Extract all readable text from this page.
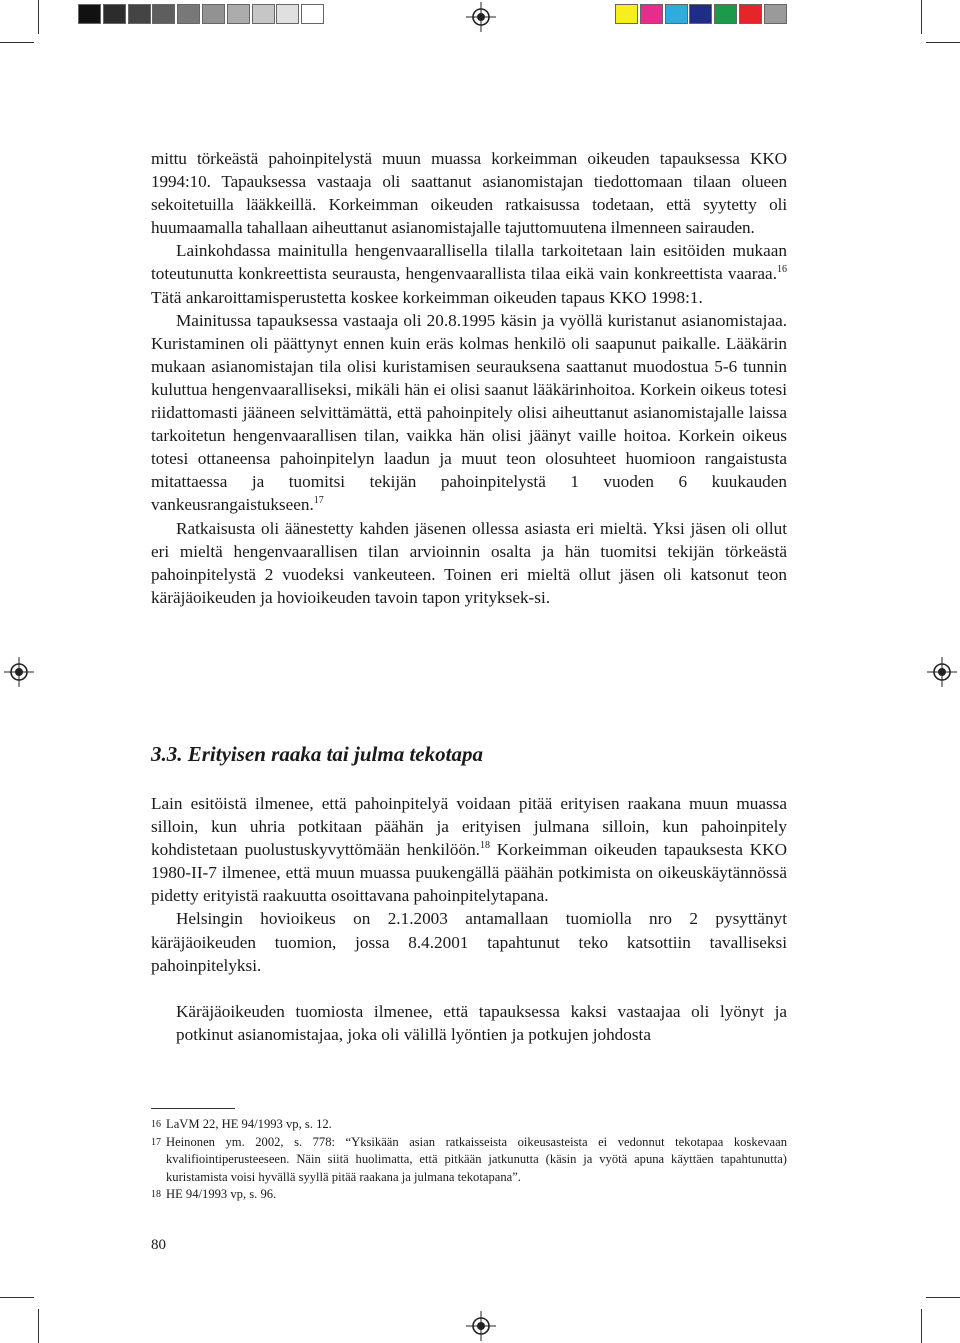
mittu törkeästä pahoinpitelystä muun muassa korkeimman oikeuden tapauksessa KKO 1994:10. Tapauksessa vastaaja oli saattanut asianomistajan tiedottomaan tilaan olueen sekoitetuilla lääkkeillä. Korkeimman oikeuden ratkaisussa todetaan, että syytetty oli huumaamalla tahallaan aiheuttanut asianomistajalle tajuttomuutena ilmenneen sairauden.

Lainkohdassa mainitulla hengenvaarallisella tilalla tarkoitetaan lain esitöiden mukaan toteutunutta konkreettista seurausta, hengenvaarallista tilaa eikä vain konkreettista vaaraa.$^{16}$ Tätä ankaroittamisperustetta koskee korkeimman oikeuden tapaus KKO 1998:1.

Mainitussa tapauksessa vastaaja oli 20.8.1995 käsin ja vyöllä kuristanut asianomistajaa. Kuristaminen oli päättynyt ennen kuin eräs kolmas henkilö oli saapunut paikalle. Lääkärin mukaan asianomistajan tila olisi kuristamisen seurauksena saattanut muodostua 5-6 tunnin kuluttua hengenvaaralliseksi, mikäli hän ei olisi saanut lääkärinhoitoa. Korkein oikeus totesi riidattomasti jääneen selvittämättä, että pahoinpitely olisi aiheuttanut asianomistajalle laissa tarkoitetun hengenvaarallisen tilan, vaikka hän olisi jäänyt vaille hoitoa. Korkein oikeus totesi ottaneensa pahoinpitelyn laadun ja muut teon olosuhteet huomioon rangaistusta mitattaessa ja tuomitsi tekijän pahoinpitelystä 1 vuoden 6 kuukauden vankeusrangaistukseen.$^{17}$

Ratkaisusta oli äänestetty kahden jäsenen ollessa asiasta eri mieltä. Yksi jäsen oli ollut eri mieltä hengenvaarallisen tilan arvioinnin osalta ja hän tuomitsi tekijän törkeästä pahoinpitelystä 2 vuodeksi vankeuteen. Toinen eri mieltä ollut jäsen oli katsonut teon käräjäoikeuden ja hovioikeuden tavoin tapon yrityksek-si.

3.3. Erityisen raaka tai julma tekotapa

Lain esitöistä ilmenee, että pahoinpitelyä voidaan pitää erityisen raakana muun muassa silloin, kun uhria potkitaan päähän ja erityisen julmana silloin, kun pahoinpitely kohdistetaan puolustuskyvyttömään henkilöön.$^{18}$ Korkeimman oikeuden tapauksesta KKO 1980-II-7 ilmenee, että muun muassa puukengällä päähän potkimista on oikeuskäytännössä pidetty erityistä raakuutta osoittavana pahoinpitelytapana.

Helsingin hovioikeus on 2.1.2003 antamallaan tuomiolla nro 2 pysyttänyt käräjäoikeuden tuomion, jossa 8.4.2001 tapahtunut teko katsottiin tavalliseksi pahoinpitelyksi.

Käräjäoikeuden tuomiosta ilmenee, että tapauksessa kaksi vastaajaa oli lyönyt ja potkinut asianomistajaa, joka oli välillä lyöntien ja potkujen johdosta

16 LaVM 22, HE 94/1993 vp, s. 12.

17 Heinonen ym. 2002, s. 778: “Yksikään asian ratkaisseista oikeusasteista ei vedonnut tekotapaa koskevaan kvalifiointiperusteeseen. Näin siitä huolimatta, että pitkään jatkunutta (käsin ja vyötä apuna käyttäen tapahtunutta) kuristamista voisi hyvällä syyllä pitää raakana ja julmana tekotapana”.

18 HE 94/1993 vp, s. 96.

80
